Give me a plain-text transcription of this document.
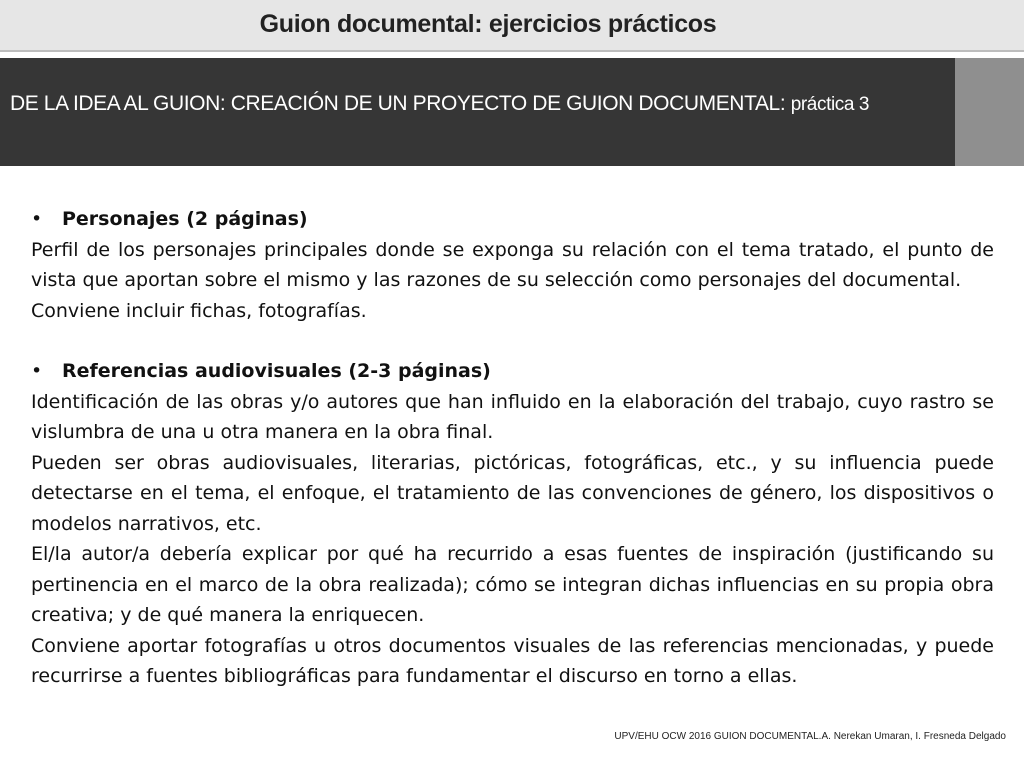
Guion documental: ejercicios prácticos
DE LA IDEA AL GUION: CREACIÓN DE UN PROYECTO DE GUION DOCUMENTAL: práctica 3

• Personajes (2 páginas)

Perfil de los personajes principales donde se exponga su relación con el tema tratado, el punto de vista que aportan sobre el mismo y las razones de su selección como personajes del documental.

Conviene incluir fichas, fotografías.

• Referencias audiovisuales (2-3 páginas)

Identificación de las obras y/o autores que han influido en la elaboración del trabajo, cuyo rastro se vislumbra de una u otra manera en la obra final.

Pueden ser obras audiovisuales, literarias, pictóricas, fotográficas, etc., y su influencia puede detectarse en el tema, el enfoque, el tratamiento de las convenciones de género, los dispositivos o modelos narrativos, etc.

El/la autor/a debería explicar por qué ha recurrido a esas fuentes de inspiración (justificando su pertinencia en el marco de la obra realizada); cómo se integran dichas influencias en su propia obra creativa; y de qué manera la enriquecen.

Conviene aportar fotografías u otros documentos visuales de las referencias mencionadas, y puede recurrirse a fuentes bibliográficas para fundamentar el discurso en torno a ellas.

UPV/EHU OCW 2016 GUION DOCUMENTAL.A. Nerekan Umaran, I. Fresneda Delgado
